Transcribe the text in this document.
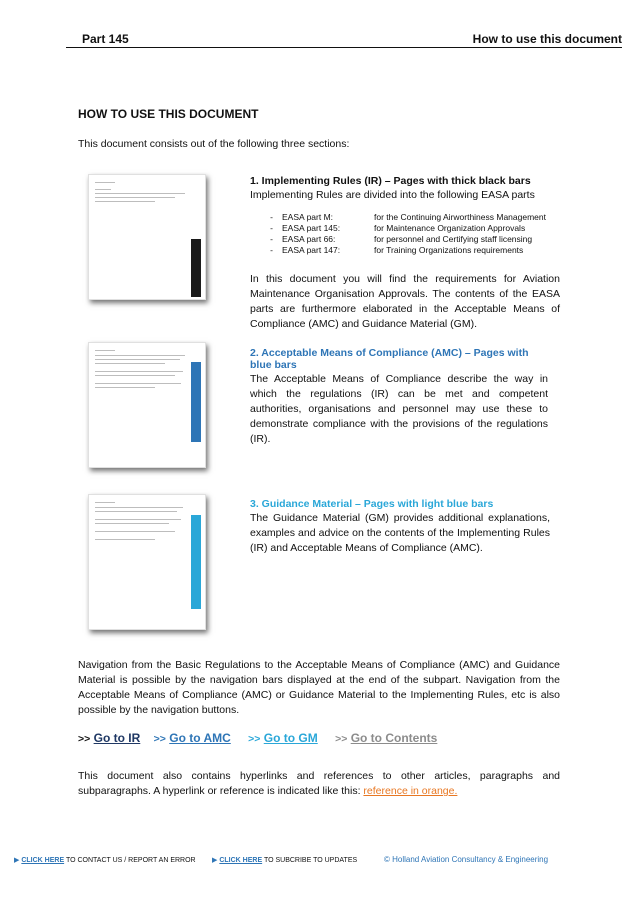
Part 145	How to use this document
HOW TO USE THIS DOCUMENT
This document consists out of the following three sections:
1. Implementing Rules (IR) – Pages with thick black bars
Implementing Rules are divided into the following EASA parts
-	EASA part M:	for the Continuing Airworthiness Management
-	EASA part 145:	for Maintenance Organization Approvals
-	EASA part 66:	for personnel and Certifying staff licensing
-	EASA part 147:	for Training Organizations requirements
In this document you will find the requirements for Aviation Maintenance Organisation Approvals. The contents of the EASA parts are furthermore elaborated in the Acceptable Means of Compliance (AMC) and Guidance Material (GM).
2. Acceptable Means of Compliance (AMC) – Pages with blue bars
The Acceptable Means of Compliance describe the way in which the regulations (IR) can be met and competent authorities, organisations and personnel may use these to demonstrate compliance with the provisions of the regulations (IR).
3. Guidance Material – Pages with light blue bars
The Guidance Material (GM) provides additional explanations, examples and advice on the contents of the Implementing Rules (IR) and Acceptable Means of Compliance (AMC).
Navigation from the Basic Regulations to the Acceptable Means of Compliance (AMC) and Guidance Material is possible by the navigation bars displayed at the end of the subpart. Navigation from the Acceptable Means of Compliance (AMC) or Guidance Material to the Implementing Rules, etc is also possible by the navigation buttons.
>> Go to IR >> Go to AMC >> Go to GM >> Go to Contents
This document also contains hyperlinks and references to other articles, paragraphs and subparagraphs. A hyperlink or reference is indicated like this: reference in orange.
▶ CLICK HERE TO CONTACT US / REPORT AN ERROR ▶ CLICK HERE TO SUBCRIBE TO UPDATES	© Holland Aviation Consultancy & Engineering
